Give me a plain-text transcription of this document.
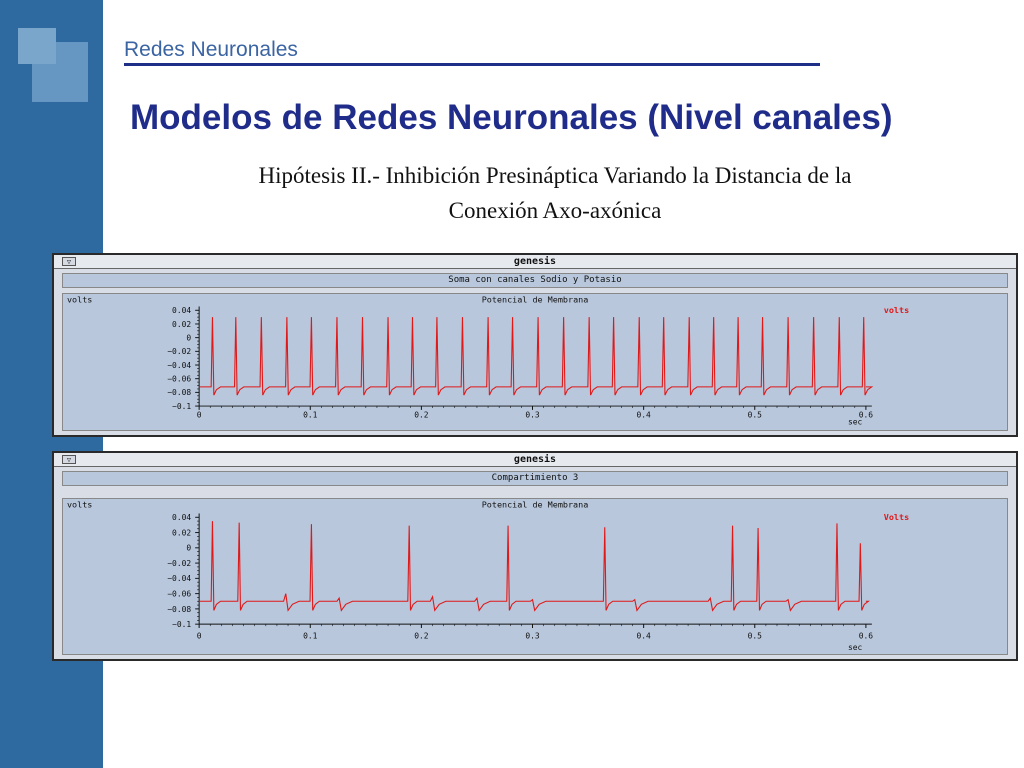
Redes Neuronales
Modelos de Redes Neuronales (Nivel canales)
Hipótesis II.- Inhibición Presináptica Variando la Distancia de la
Conexión Axo-axónica
▽	genesis
Soma con canales Sodio y Potasio
volts	Potencial de Membrana
volts
sec
0.04
0.02
0
−0.02
−0.04
−0.06
−0.08
−0.1
0	0.1	0.2	0.3	0.4	0.5	0.6
▽	genesis
Compartimiento 3
volts	Potencial de Membrana
Volts
sec
0.04
0.02
0
−0.02
−0.04
−0.06
−0.08
−0.1
0	0.1	0.2	0.3	0.4	0.5	0.6
